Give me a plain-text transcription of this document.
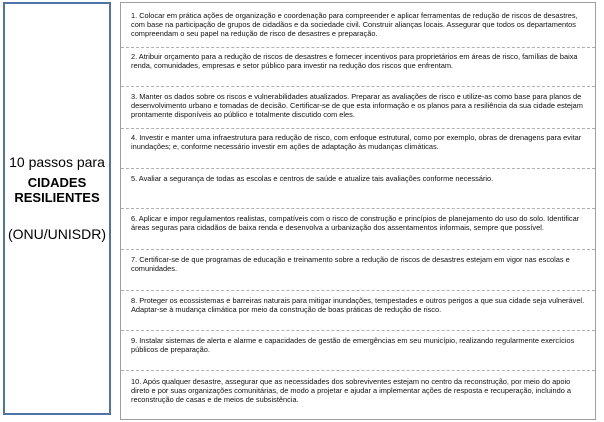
10 passos para
CIDADES RESILIENTES
(ONU/UNISDR)
1. Colocar em prática ações de organização e coordenação para compreender e aplicar ferramentas de redução de riscos de desastres, com base na participação de grupos de cidadãos e da sociedade civil. Construir alianças locais. Assegurar que todos os departamentos compreendam o seu papel na redução de risco de desastres e preparação.
2. Atribuir orçamento para a redução de riscos de desastres e fornecer incentivos para proprietários em áreas de risco, famílias de baixa renda, comunidades, empresas e setor público para investir na redução dos riscos que enfrentam.
3. Manter os dados sobre os riscos e vulnerabilidades atualizados. Preparar as avaliações de risco e utilize-as como base para planos de desenvolvimento urbano e tomadas de decisão. Certificar-se de que esta informação e os planos para a resiliência da sua cidade estejam prontamente disponíveis ao público e totalmente discutido com eles.
4. Investir e manter uma infraestrutura para redução de risco, com enfoque estrutural, como por exemplo, obras de drenagens para evitar inundações; e, conforme necessário investir em ações de adaptação às mudanças climáticas.
5. Avaliar a segurança de todas as escolas e centros de saúde e atualize tais avaliações conforme necessário.
6. Aplicar e impor regulamentos realistas, compatíveis com o risco de construção e princípios de planejamento do uso do solo. Identificar áreas seguras para cidadãos de baixa renda e desenvolva a urbanização dos assentamentos informais, sempre que possível.
7. Certificar-se de que programas de educação e treinamento sobre a redução de riscos de desastres estejam em vigor nas escolas e comunidades.
8. Proteger os ecossistemas e barreiras naturais para mitigar inundações, tempestades e outros perigos a que sua cidade seja vulnerável. Adaptar-se à mudança climática por meio da construção de boas práticas de redução de risco.
9. Instalar sistemas de alerta e alarme e capacidades de gestão de emergências em seu município, realizando regularmente exercícios públicos de preparação.
10. Após qualquer desastre, assegurar que as necessidades dos sobreviventes estejam no centro da reconstrução, por meio do apoio direto e por suas organizações comunitárias, de modo a projetar e ajudar a implementar ações de resposta e recuperação, incluindo a reconstrução de casas e de meios de subsistência.
